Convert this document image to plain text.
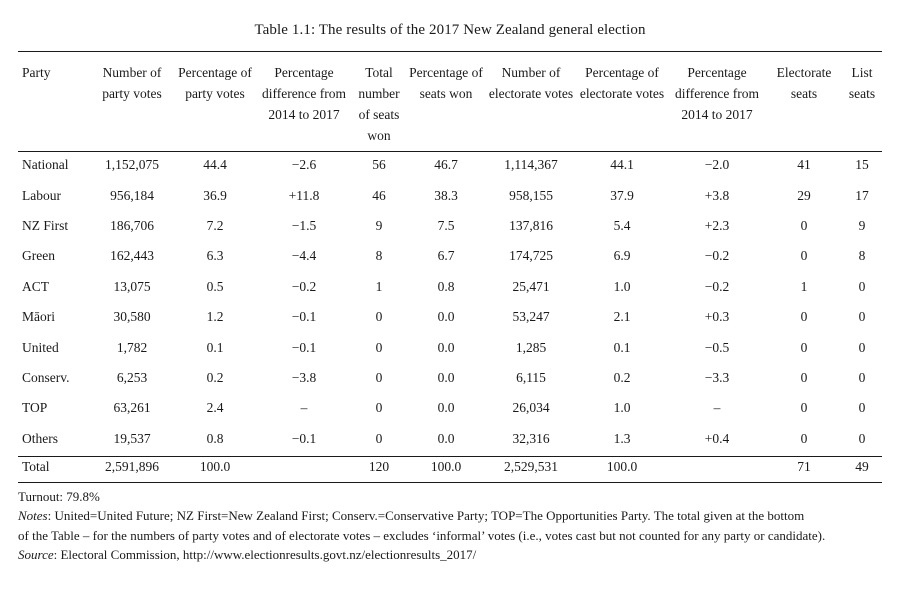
Table 1.1: The results of the 2017 New Zealand general election
Party	Number of party votes	Percentage of party votes	Percentage difference from 2014 to 2017	Total number of seats won	Percentage of seats won	Number of electorate votes	Percentage of electorate votes	Percentage difference from 2014 to 2017	Electorate seats	List seats
National	1,152,075	44.4	−2.6	56	46.7	1,114,367	44.1	−2.0	41	15
Labour	956,184	36.9	+11.8	46	38.3	958,155	37.9	+3.8	29	17
NZ First	186,706	7.2	−1.5	9	7.5	137,816	5.4	+2.3	0	9
Green	162,443	6.3	−4.4	8	6.7	174,725	6.9	−0.2	0	8
ACT	13,075	0.5	−0.2	1	0.8	25,471	1.0	−0.2	1	0
Māori	30,580	1.2	−0.1	0	0.0	53,247	2.1	+0.3	0	0
United	1,782	0.1	−0.1	0	0.0	1,285	0.1	−0.5	0	0
Conserv.	6,253	0.2	−3.8	0	0.0	6,115	0.2	−3.3	0	0
TOP	63,261	2.4	–	0	0.0	26,034	1.0	–	0	0
Others	19,537	0.8	−0.1	0	0.0	32,316	1.3	+0.4	0	0
Total	2,591,896	100.0		120	100.0	2,529,531	100.0		71	49
Turnout: 79.8%
Notes: United=United Future; NZ First=New Zealand First; Conserv.=Conservative Party; TOP=The Opportunities Party. The total given at the bottom
of the Table – for the numbers of party votes and of electorate votes – excludes ‘informal’ votes (i.e., votes cast but not counted for any party or candidate).
Source: Electoral Commission, http://www.electionresults.govt.nz/electionresults_2017/
